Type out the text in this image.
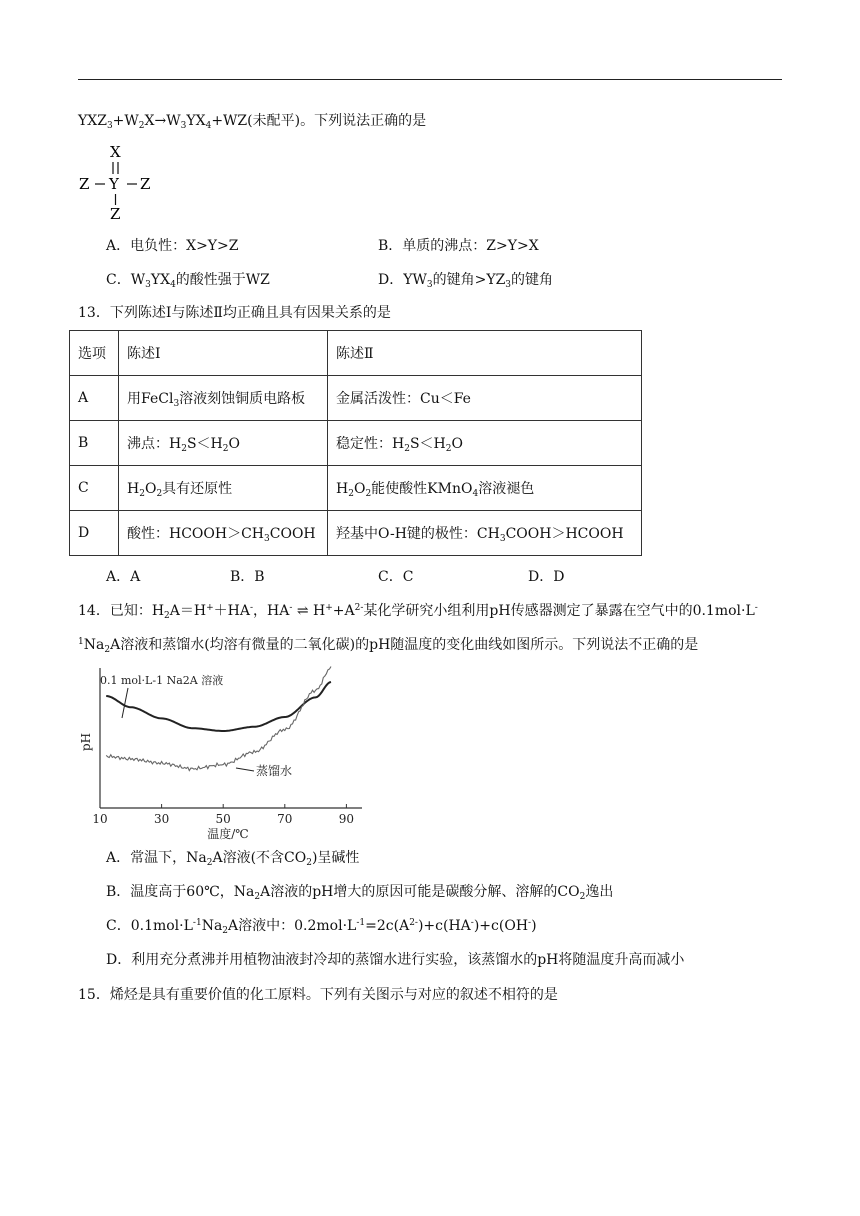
$YXZ_3+W_2X\to W_3YX_4+WZ$(未配平)。下列说法正确的是
X
Z Y Z
Z
A．电负性：X>Y>Z	B．单质的沸点：Z>Y>X
C．$W_3YX_4$的酸性强于WZ	D．$YW_3$的键角$>YZ_3$的键角
13．下列陈述Ⅰ与陈述Ⅱ均正确且具有因果关系的是
选项	陈述Ⅰ	陈述Ⅱ
A	用FeCl$_3$溶液刻蚀铜质电路板	金属活泼性：Cu＜Fe
B	沸点：$H_2S<H_2O$	稳定性：$H_2S<H_2O$
C	$H_2O_2$具有还原性	$H_2O_2$能使酸性KMnO$_4$溶液褪色
D	酸性：$HCOOH>CH_3COOH$	羟基中O-H键的极性：$CH_3COOH>HCOOH$
A．A	B．B	C．C	D．D
14．已知：$H_2A=H^++HA^-$，HA- ⇌ $H^++A^{2-}$某化学研究小组利用pH传感器测定了暴露在空气中的0.1mol·L-
$^1Na_2A$溶液和蒸馏水(均溶有微量的二氧化碳)的pH随温度的变化曲线如图所示。下列说法不正确的是
10	30	50	70	90
温度/℃
pH
0.1 mol·L-1 Na2A 溶液
蒸馏水
A．常温下，$Na_2A$溶液(不含$CO_2$)呈碱性
B．温度高于60℃，$Na_2A$溶液的pH增大的原因可能是碳酸分解、溶解的$CO_2$逸出
C．$0.1mol\cdot L^{-1}Na_2A$溶液中：$0.2mol\cdot L^{-1}=2c(A^{2-})+c(HA^-)+c(OH^-)$
D．利用充分煮沸并用植物油液封冷却的蒸馏水进行实验，该蒸馏水的pH将随温度升高而减小
15．烯烃是具有重要价值的化工原料。下列有关图示与对应的叙述不相符的是
